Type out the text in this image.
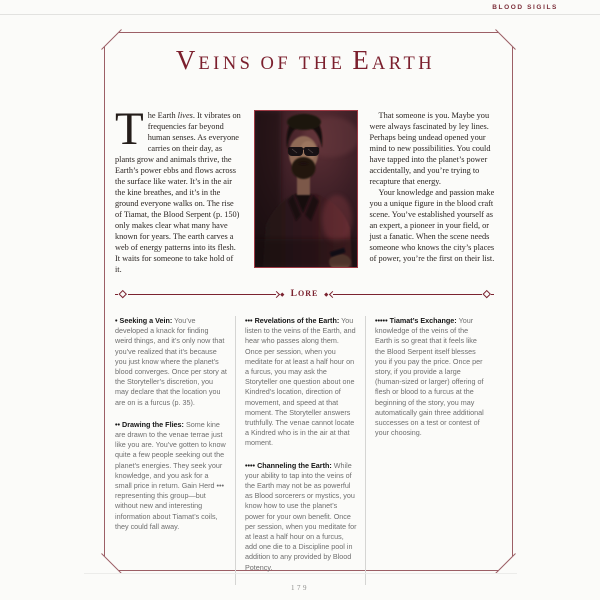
BLOOD SIGILS
VEINS OF THE EARTH
The Earth lives. It vibrates on frequencies far beyond human senses. As everyone carries on their day, as plants grow and animals thrive, the Earth’s power ebbs and flows across the surface like water. It’s in the air the kine breathes, and it’s in the ground everyone walks on. The rise of Tiamat, the Blood Serpent (p. 150) only makes clear what many have known for years. The earth carves a web of energy patterns into its flesh. It waits for someone to take hold of it.

That someone is you. Maybe you were always fascinated by ley lines. Perhaps being undead opened your mind to new possibilities. You could have tapped into the planet’s power accidentally, and you’re trying to recapture that energy.

Your knowledge and passion make you a unique figure in the blood craft scene. You’ve established yourself as an expert, a pioneer in your field, or just a fanatic. When the scene needs someone who knows the city’s places of power, you’re the first on their list.

LORE

• Seeking a Vein: You’ve developed a knack for finding weird things, and it’s only now that you’ve realized that it’s because you just know where the planet’s blood converges. Once per story at the Storyteller’s discretion, you may declare that the location you are on is a furcus (p. 35).

•• Drawing the Flies: Some kine are drawn to the venae terrae just like you are. You’ve gotten to know quite a few people seeking out the planet’s energies. They seek your knowledge, and you ask for a small price in return. Gain Herd ••• representing this group—but without new and interesting information about Tiamat’s coils, they could fall away.

••• Revelations of the Earth: You listen to the veins of the Earth, and hear who passes along them. Once per session, when you meditate for at least a half hour on a furcus, you may ask the Storyteller one question about one Kindred’s location, direction of movement, and speed at that moment. The Storyteller answers truthfully. The venae cannot locate a Kindred who is in the air at that moment.

•••• Channeling the Earth: While your ability to tap into the veins of the Earth may not be as powerful as Blood sorcerers or mystics, you know how to use the planet’s power for your own benefit. Once per session, when you meditate for at least a half hour on a furcus, add one die to a Discipline pool in addition to any provided by Blood Potency.

••••• Tiamat’s Exchange: Your knowledge of the veins of the Earth is so great that it feels like the Blood Serpent itself blesses you if you pay the price. Once per story, if you provide a large (human-sized or larger) offering of flesh or blood to a furcus at the beginning of the story, you may automatically gain three additional successes on a test or contest of your choosing.

179
